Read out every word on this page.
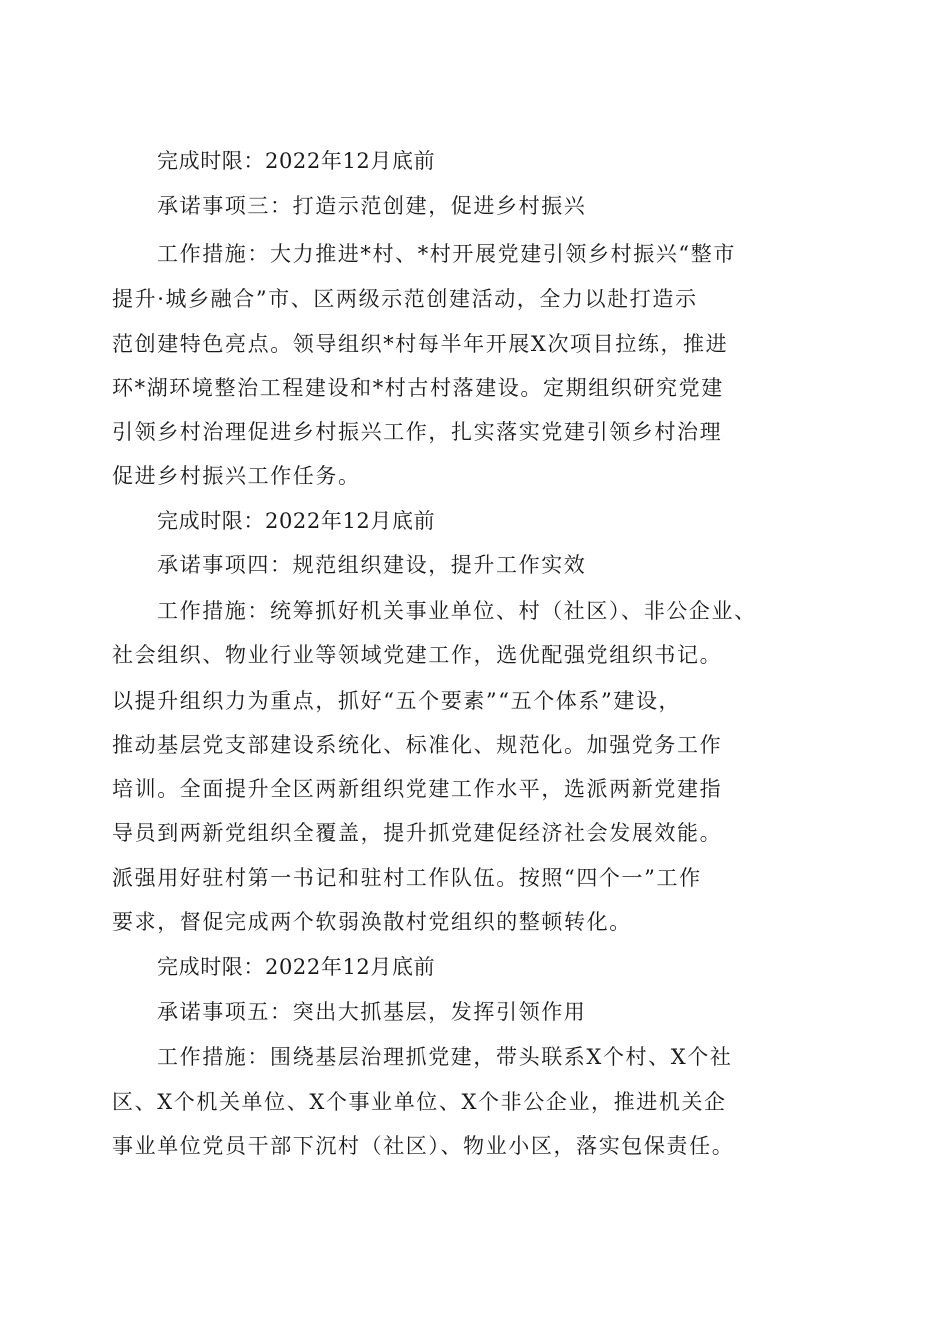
完成时限：2022年12月底前
承诺事项三：打造示范创建，促进乡村振兴
工作措施：大力推进*村、*村开展党建引领乡村振兴“整市
提升·城乡融合”市、区两级示范创建活动，全力以赴打造示
范创建特色亮点。领导组织*村每半年开展X次项目拉练，推进
环*湖环境整治工程建设和*村古村落建设。定期组织研究党建
引领乡村治理促进乡村振兴工作，扎实落实党建引领乡村治理
促进乡村振兴工作任务。
完成时限：2022年12月底前
承诺事项四：规范组织建设，提升工作实效
工作措施：统筹抓好机关事业单位、村（社区）、非公企业、
社会组织、物业行业等领域党建工作，选优配强党组织书记。
以提升组织力为重点，抓好“五个要素”“五个体系”建设，
推动基层党支部建设系统化、标准化、规范化。加强党务工作
培训。全面提升全区两新组织党建工作水平，选派两新党建指
导员到两新党组织全覆盖，提升抓党建促经济社会发展效能。
派强用好驻村第一书记和驻村工作队伍。按照“四个一”工作
要求，督促完成两个软弱涣散村党组织的整顿转化。
完成时限：2022年12月底前
承诺事项五：突出大抓基层，发挥引领作用
工作措施：围绕基层治理抓党建，带头联系X个村、X个社
区、X个机关单位、X个事业单位、X个非公企业，推进机关企
事业单位党员干部下沉村（社区）、物业小区，落实包保责任。
